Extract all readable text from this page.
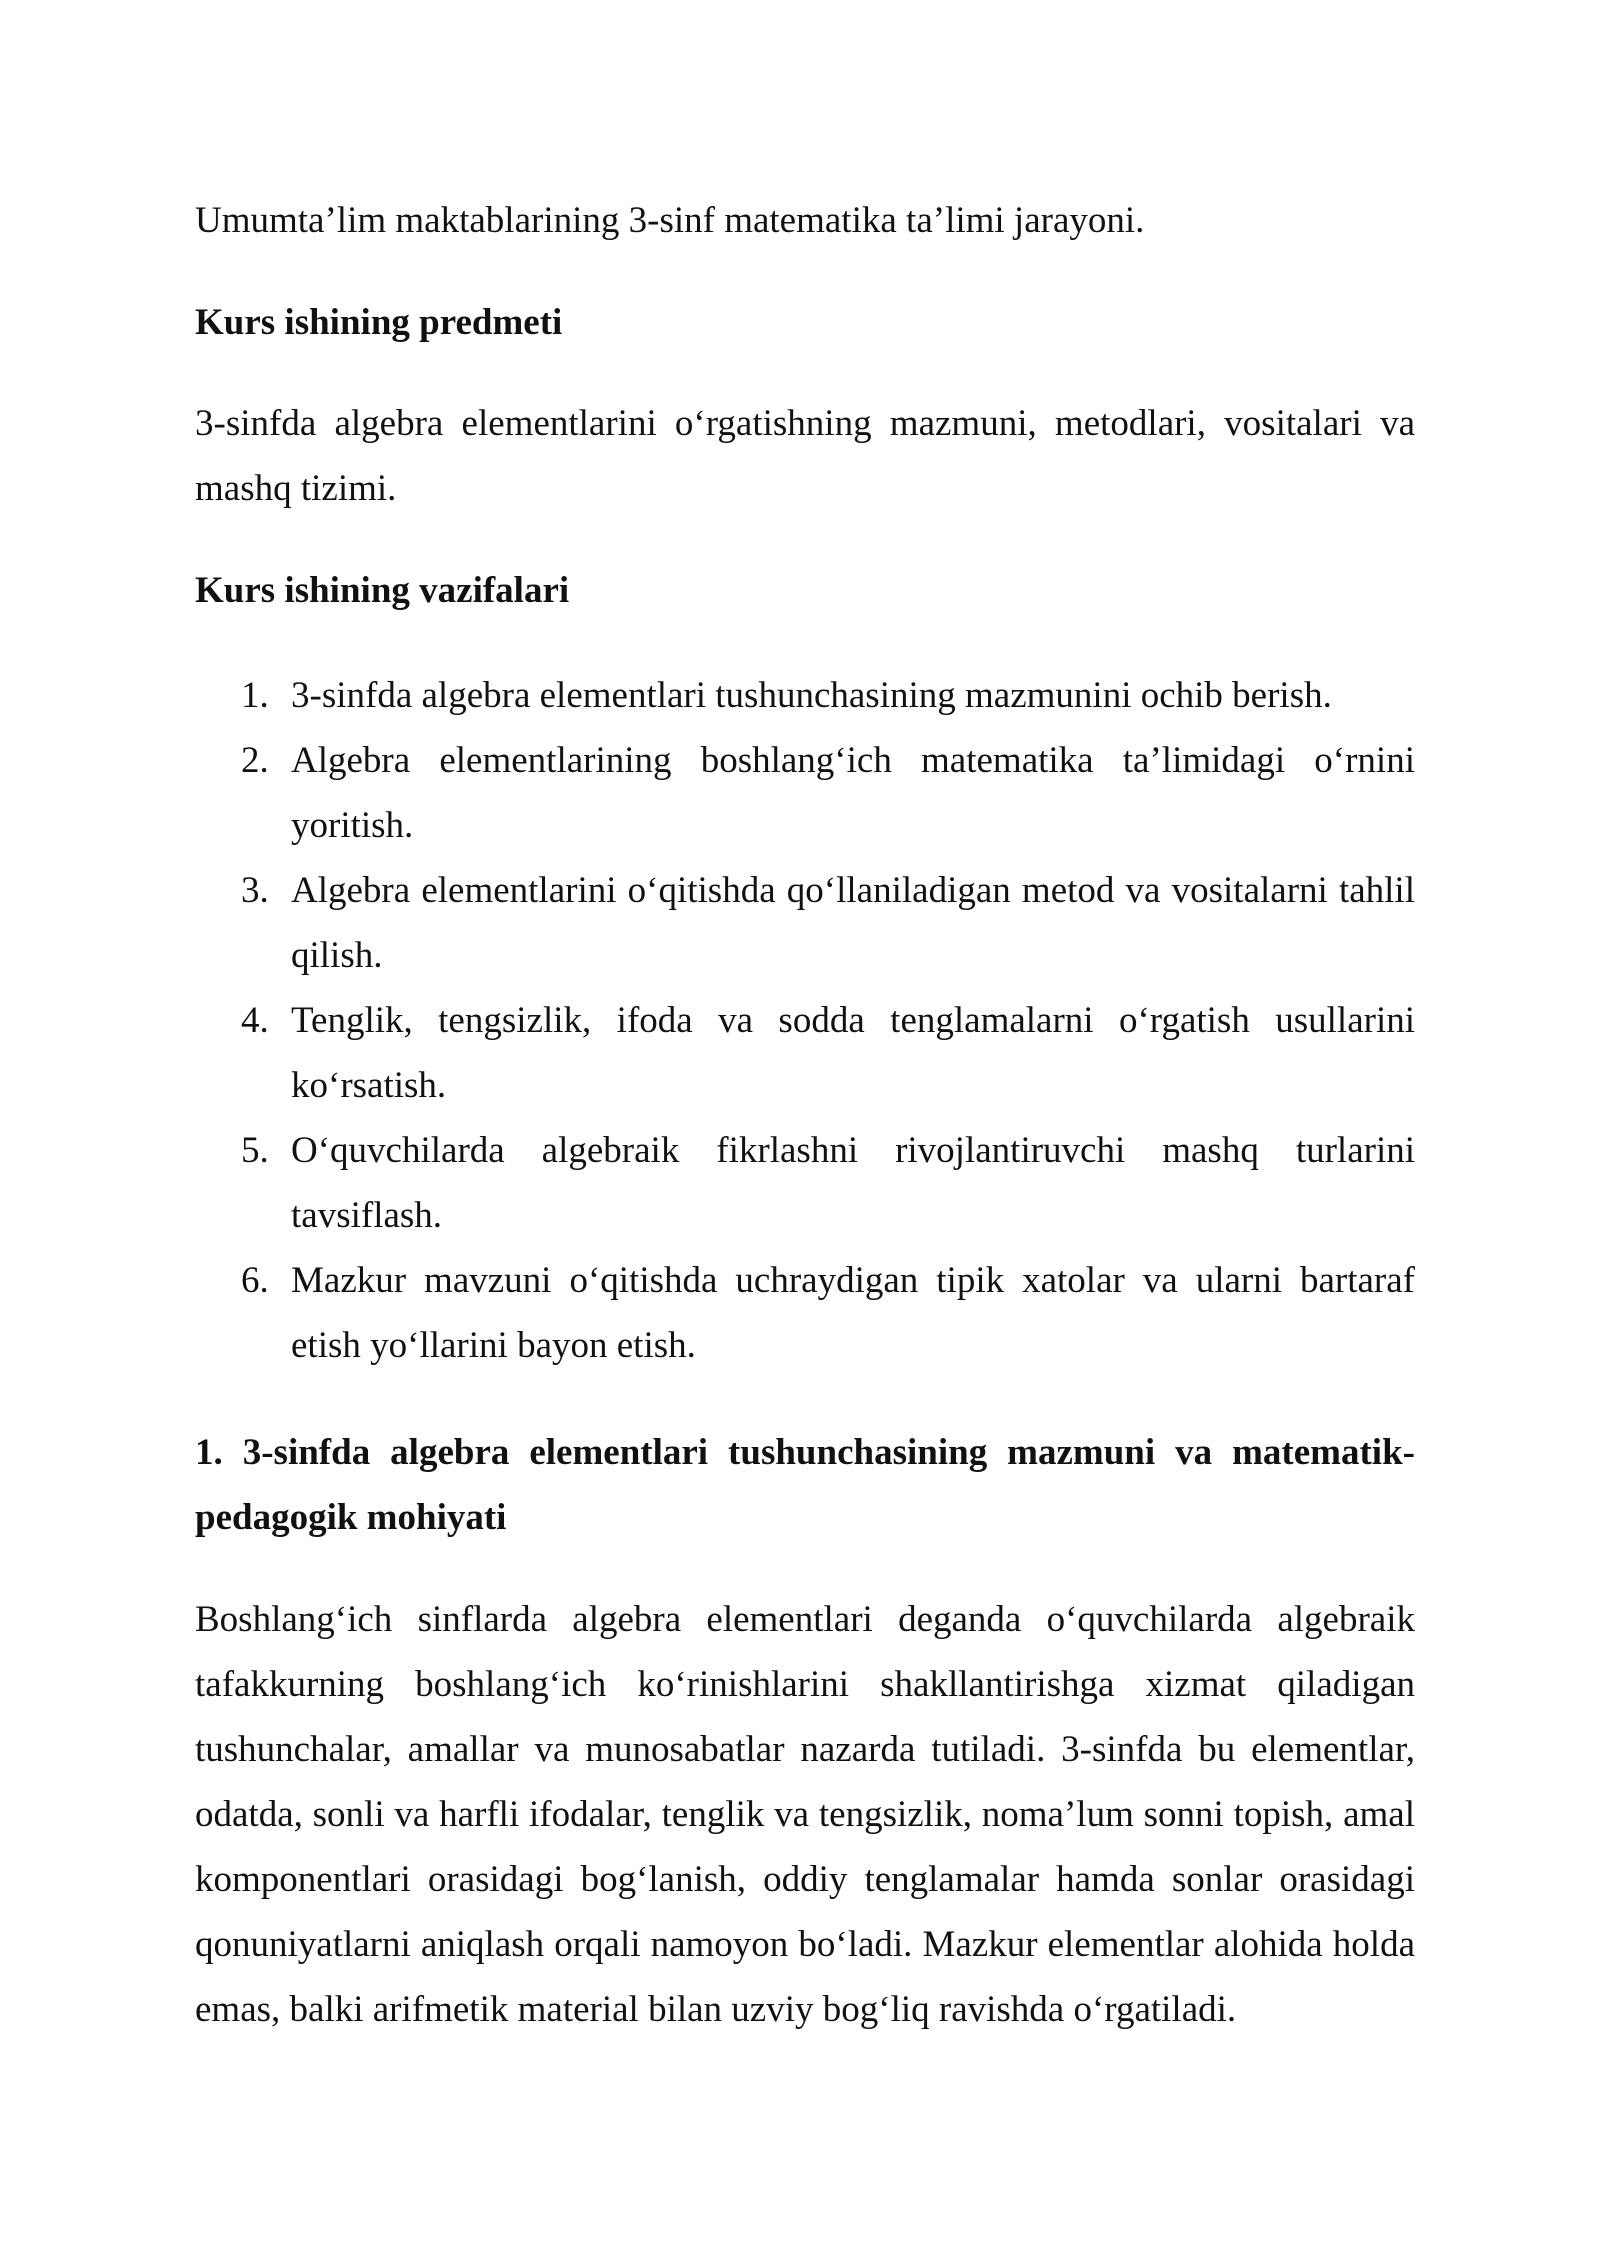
Umumta’lim maktablarining 3-sinf matematika ta’limi jarayoni.

Kurs ishining predmeti

3-sinfda algebra elementlarini o‘rgatishning mazmuni, metodlari, vositalari va mashq tizimi.

Kurs ishining vazifalari
1. 3-sinfda algebra elementlari tushunchasining mazmunini ochib berish.
2. Algebra elementlarining boshlang‘ich matematika ta’limidagi o‘rnini yoritish.
3. Algebra elementlarini o‘qitishda qo‘llaniladigan metod va vositalarni tahlil qilish.
4. Tenglik, tengsizlik, ifoda va sodda tenglamalarni o‘rgatish usullarini ko‘rsatish.
5. O‘quvchilarda algebraik fikrlashni rivojlantiruvchi mashq turlarini tavsiflash.
6. Mazkur mavzuni o‘qitishda uchraydigan tipik xatolar va ularni bartaraf etish yo‘llarini bayon etish.
1. 3-sinfda algebra elementlari tushunchasining mazmuni va matematik-pedagogik mohiyati

Boshlang‘ich sinflarda algebra elementlari deganda o‘quvchilarda algebraik tafakkurning boshlang‘ich ko‘rinishlarini shakllantirishga xizmat qiladigan tushunchalar, amallar va munosabatlar nazarda tutiladi. 3-sinfda bu elementlar, odatda, sonli va harfli ifodalar, tenglik va tengsizlik, noma’lum sonni topish, amal komponentlari orasidagi bog‘lanish, oddiy tenglamalar hamda sonlar orasidagi qonuniyatlarni aniqlash orqali namoyon bo‘ladi. Mazkur elementlar alohida holda emas, balki arifmetik material bilan uzviy bog‘liq ravishda o‘rgatiladi.
